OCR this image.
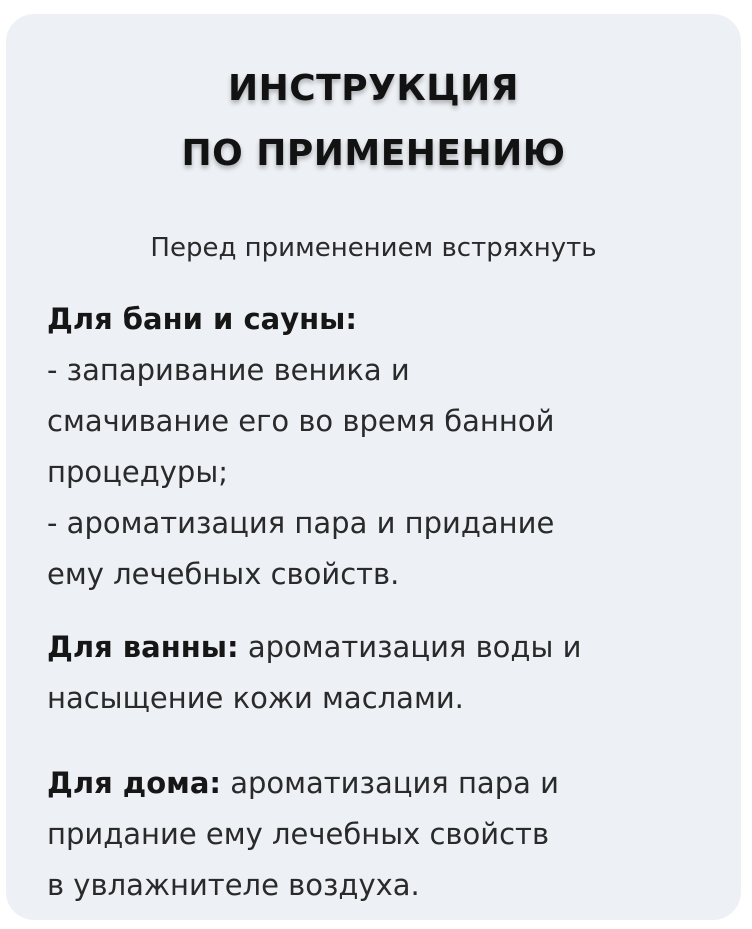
ИНСТРУКЦИЯ
ПО ПРИМЕНЕНИЮ
Перед применением встряхнуть
Для бани и сауны:
- запаривание веника и
смачивание его во время банной
процедуры;
- ароматизация пара и придание
ему лечебных свойств.
Для ванны: ароматизация воды и
насыщение кожи маслами.
Для дома: ароматизация пара и
придание ему лечебных свойств
в увлажнителе воздуха.
